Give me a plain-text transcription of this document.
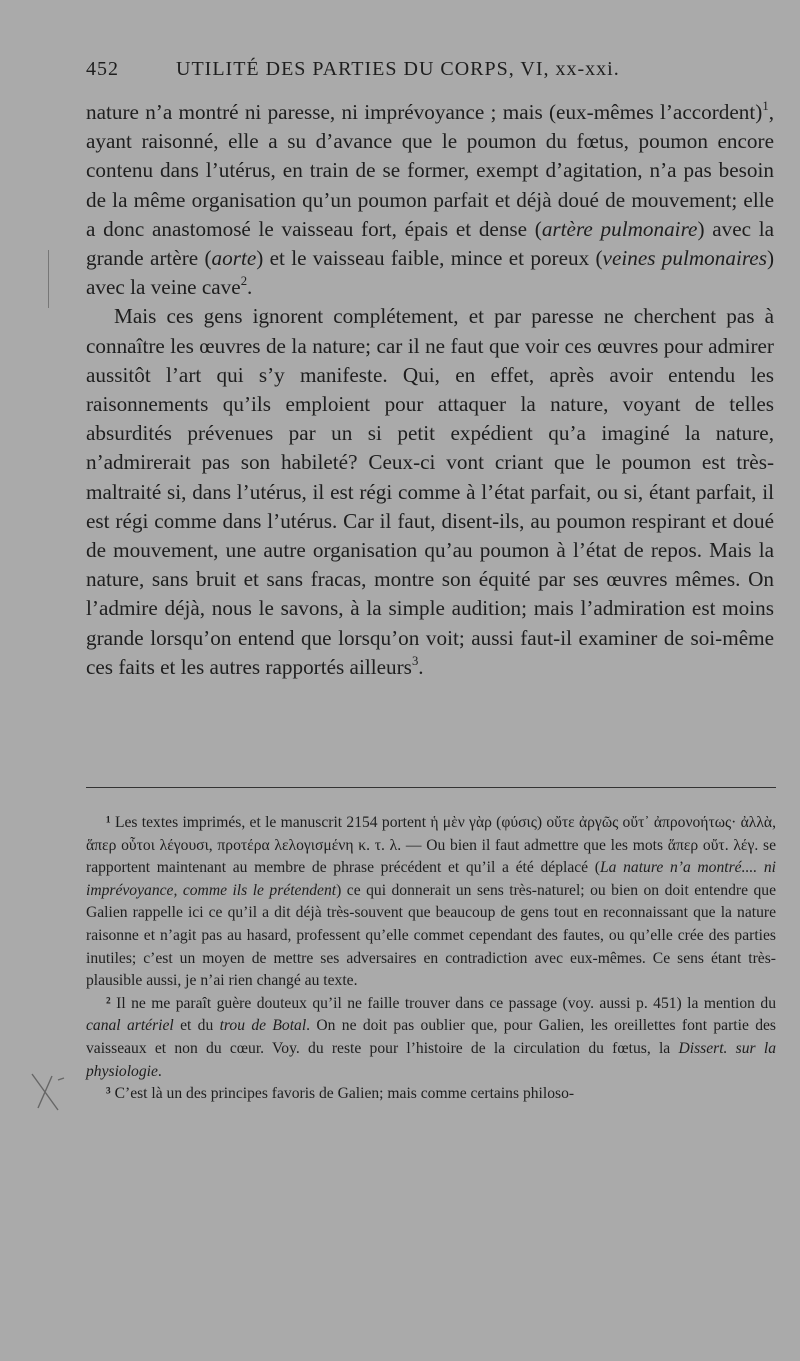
452	UTILITÉ DES PARTIES DU CORPS, VI, xx-xxi.

nature n’a montré ni paresse, ni imprévoyance ; mais (eux-mêmes l’accordent)$^1$, ayant raisonné, elle a su d’avance que le poumon du fœtus, poumon encore contenu dans l’utérus, en train de se former, exempt d’agitation, n’a pas besoin de la même organisation qu’un poumon parfait et déjà doué de mouvement; elle a donc anastomosé le vaisseau fort, épais et dense (artère pulmonaire) avec la grande artère (aorte) et le vaisseau faible, mince et poreux (veines pulmonaires) avec la veine cave$^2$.

Mais ces gens ignorent complétement, et par paresse ne cherchent pas à connaître les œuvres de la nature; car il ne faut que voir ces œuvres pour admirer aussitôt l’art qui s’y manifeste. Qui, en effet, après avoir entendu les raisonnements qu’ils emploient pour attaquer la nature, voyant de telles absurdités prévenues par un si petit expédient qu’a imaginé la nature, n’admirerait pas son habileté? Ceux-ci vont criant que le poumon est très-maltraité si, dans l’utérus, il est régi comme à l’état parfait, ou si, étant parfait, il est régi comme dans l’utérus. Car il faut, disent-ils, au poumon respirant et doué de mouvement, une autre organisation qu’au poumon à l’état de repos. Mais la nature, sans bruit et sans fracas, montre son équité par ses œuvres mêmes. On l’admire déjà, nous le savons, à la simple audition; mais l’admiration est moins grande lorsqu’on entend que lorsqu’on voit; aussi faut-il examiner de soi-même ces faits et les autres rapportés ailleurs$^3$.

¹ Les textes imprimés, et le manuscrit 2154 portent ἡ μὲν γὰρ (φύσις) οὔτε ἀργῶς οὔτ᾽ ἀπρονοήτως· ἀλλὰ, ἅπερ οὗτοι λέγουσι, προτέρα λελογισμένη κ. τ. λ. — Ou bien il faut admettre que les mots ἅπερ οὔτ. λέγ. se rapportent maintenant au membre de phrase précédent et qu’il a été déplacé (La nature n’a montré.... ni imprévoyance, comme ils le prétendent) ce qui donnerait un sens très-naturel; ou bien on doit entendre que Galien rappelle ici ce qu’il a dit déjà très-souvent que beaucoup de gens tout en reconnaissant que la nature raisonne et n’agit pas au hasard, professent qu’elle commet cependant des fautes, ou qu’elle crée des parties inutiles; c’est un moyen de mettre ses adversaires en contradiction avec eux-mêmes. Ce sens étant très-plausible aussi, je n’ai rien changé au texte.

² Il ne me paraît guère douteux qu’il ne faille trouver dans ce passage (voy. aussi p. 451) la mention du canal artériel et du trou de Botal. On ne doit pas oublier que, pour Galien, les oreillettes font partie des vaisseaux et non du cœur. Voy. du reste pour l’histoire de la circulation du fœtus, la Dissert. sur la physiologie.

³ C’est là un des principes favoris de Galien; mais comme certains philoso-
